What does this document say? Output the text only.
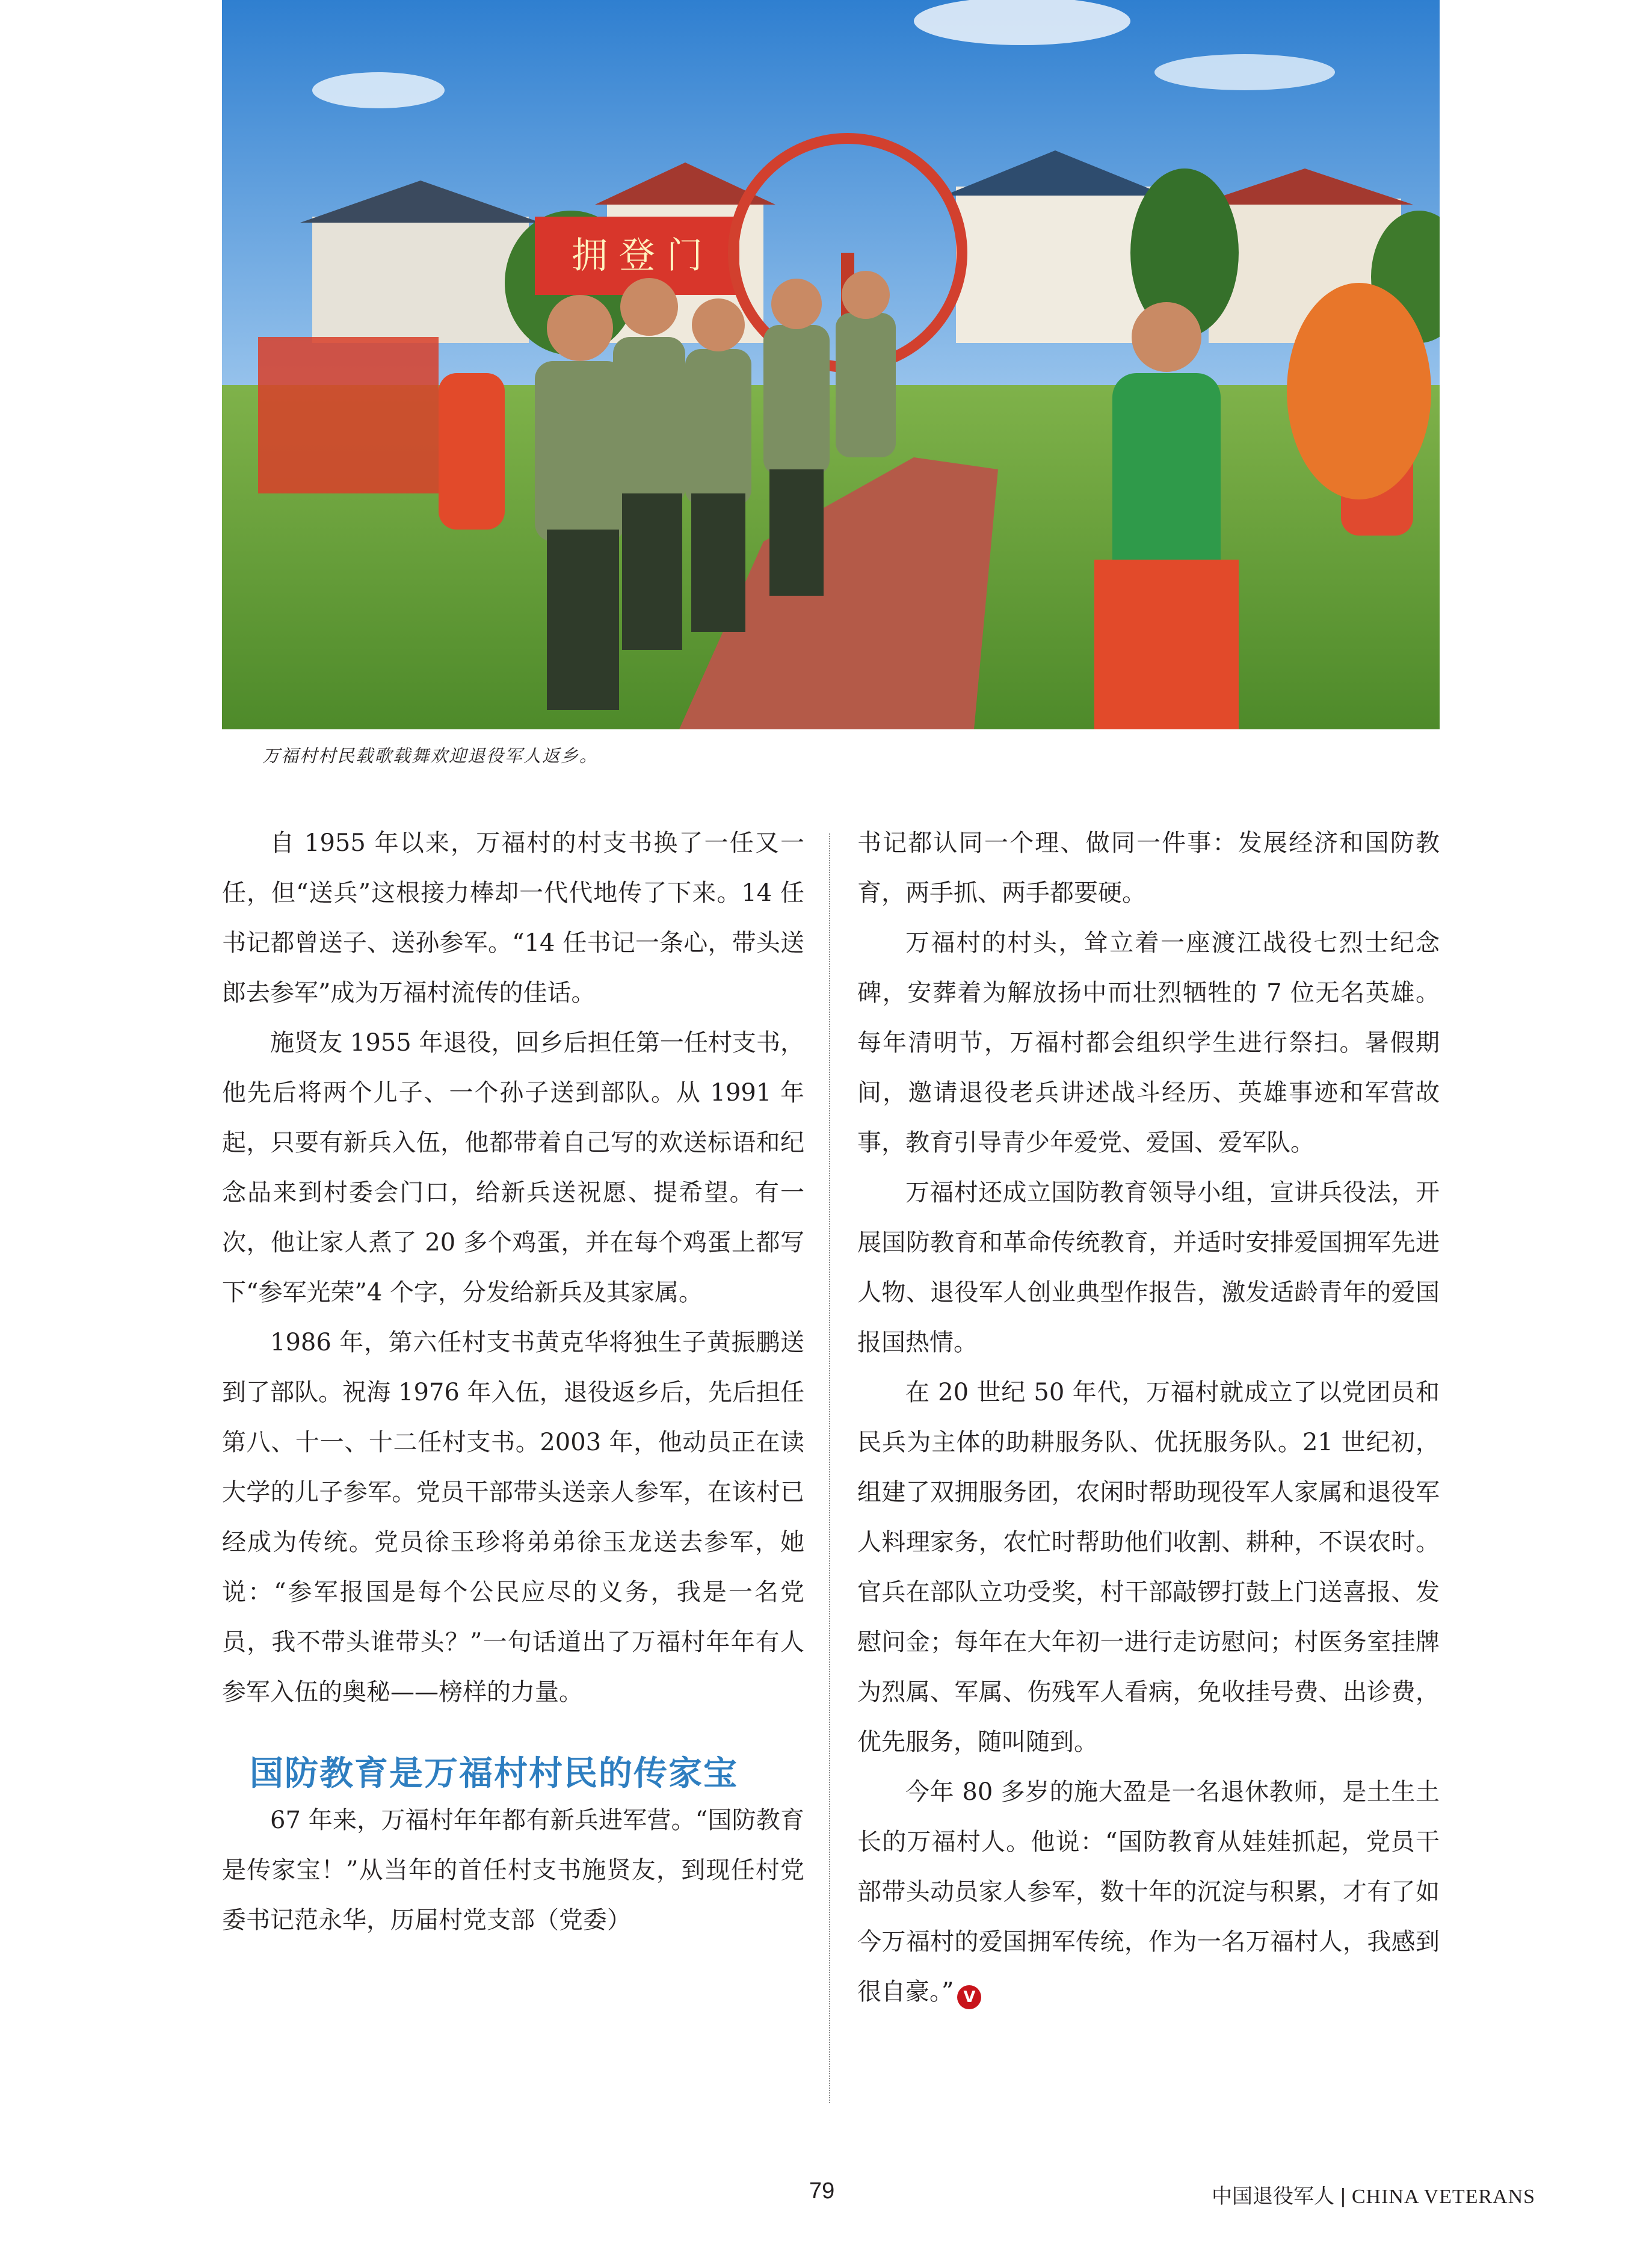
拥 登 门
万福村村民载歌载舞欢迎退役军人返乡。

自 1955 年以来，万福村的村支书换了一任又一任，但“送兵”这根接力棒却一代代地传了下来。14 任书记都曾送子、送孙参军。“14 任书记一条心，带头送郎去参军”成为万福村流传的佳话。

施贤友 1955 年退役，回乡后担任第一任村支书，他先后将两个儿子、一个孙子送到部队。从 1991 年起，只要有新兵入伍，他都带着自己写的欢送标语和纪念品来到村委会门口，给新兵送祝愿、提希望。有一次，他让家人煮了 20 多个鸡蛋，并在每个鸡蛋上都写下“参军光荣”4 个字，分发给新兵及其家属。

1986 年，第六任村支书黄克华将独生子黄振鹏送到了部队。祝海 1976 年入伍，退役返乡后，先后担任第八、十一、十二任村支书。2003 年，他动员正在读大学的儿子参军。党员干部带头送亲人参军，在该村已经成为传统。党员徐玉珍将弟弟徐玉龙送去参军，她说：“参军报国是每个公民应尽的义务，我是一名党员，我不带头谁带头？”一句话道出了万福村年年有人参军入伍的奥秘——榜样的力量。

国防教育是万福村村民的传家宝

67 年来，万福村年年都有新兵进军营。“国防教育是传家宝！”从当年的首任村支书施贤友，到现任村党委书记范永华，历届村党支部（党委）

书记都认同一个理、做同一件事：发展经济和国防教育，两手抓、两手都要硬。

万福村的村头，耸立着一座渡江战役七烈士纪念碑，安葬着为解放扬中而壮烈牺牲的 7 位无名英雄。每年清明节，万福村都会组织学生进行祭扫。暑假期间，邀请退役老兵讲述战斗经历、英雄事迹和军营故事，教育引导青少年爱党、爱国、爱军队。

万福村还成立国防教育领导小组，宣讲兵役法，开展国防教育和革命传统教育，并适时安排爱国拥军先进人物、退役军人创业典型作报告，激发适龄青年的爱国报国热情。

在 20 世纪 50 年代，万福村就成立了以党团员和民兵为主体的助耕服务队、优抚服务队。21 世纪初，组建了双拥服务团，农闲时帮助现役军人家属和退役军人料理家务，农忙时帮助他们收割、耕种，不误农时。官兵在部队立功受奖，村干部敲锣打鼓上门送喜报、发慰问金；每年在大年初一进行走访慰问；村医务室挂牌为烈属、军属、伤残军人看病，免收挂号费、出诊费，优先服务，随叫随到。

今年 80 多岁的施大盈是一名退休教师，是土生土长的万福村人。他说：“国防教育从娃娃抓起，党员干部带头动员家人参军，数十年的沉淀与积累，才有了如今万福村的爱国拥军传统，作为一名万福村人，我感到很自豪。” V

79	中国退役军人 | CHINA VETERANS
